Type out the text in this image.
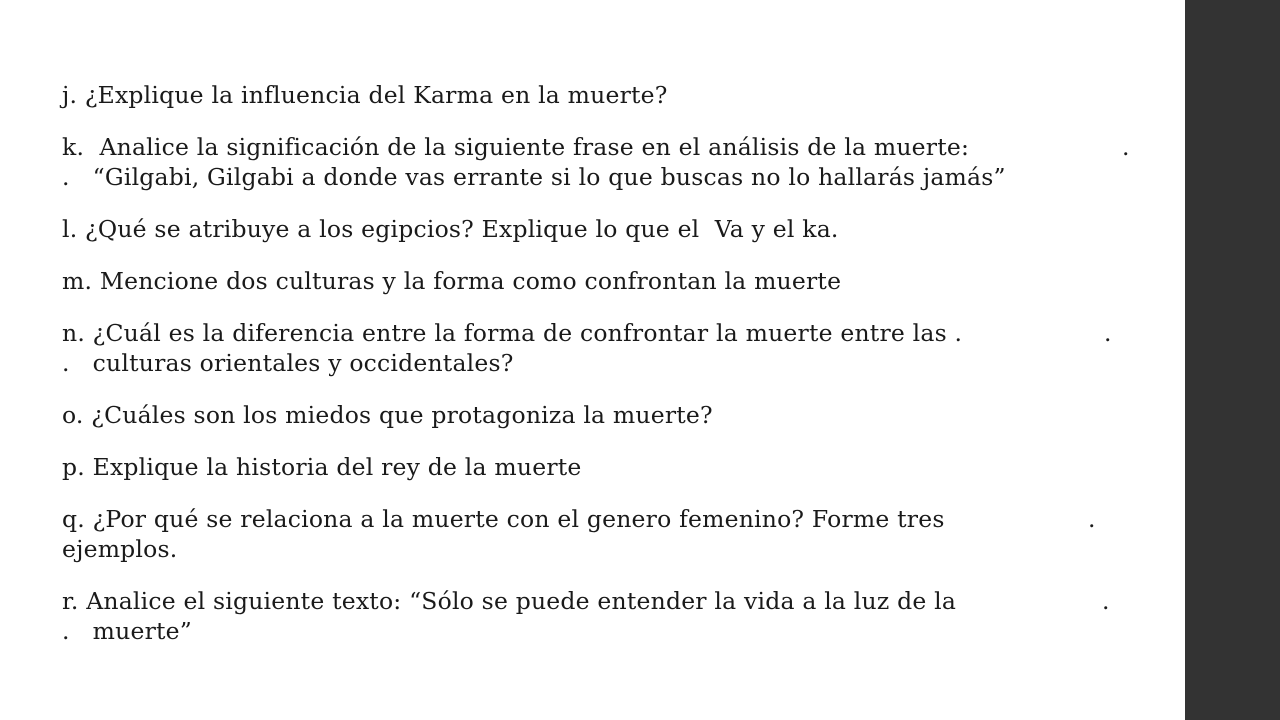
j. ¿Explique la influencia del Karma en la muerte?
k.  Analice la significación de la siguiente frase en el análisis de la muerte:	.
.   “Gilgabi, Gilgabi a donde vas errante si lo que buscas no lo hallarás jamás”
l. ¿Qué se atribuye a los egipcios? Explique lo que el  Va y el ka.
m. Mencione dos culturas y la forma como confrontan la muerte
n. ¿Cuál es la diferencia entre la forma de confrontar la muerte entre las .	.
.   culturas orientales y occidentales?
o. ¿Cuáles son los miedos que protagoniza la muerte?
p. Explique la historia del rey de la muerte
q. ¿Por qué se relaciona a la muerte con el genero femenino? Forme tres	.
ejemplos.
r. Analice el siguiente texto: “Sólo se puede entender la vida a la luz de la	.
.   muerte”
